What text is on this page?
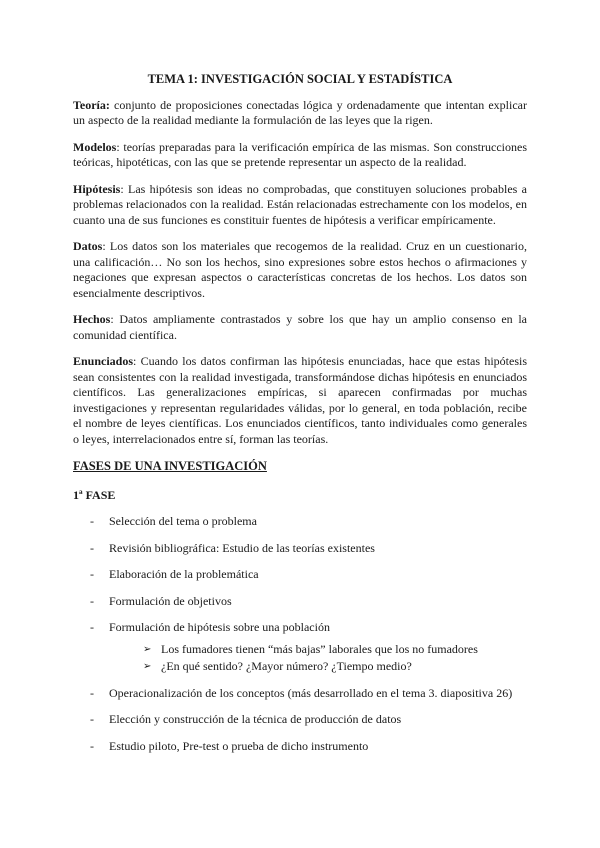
TEMA 1: INVESTIGACIÓN SOCIAL Y ESTADÍSTICA

Teoría: conjunto de proposiciones conectadas lógica y ordenadamente que intentan explicar un aspecto de la realidad mediante la formulación de las leyes que la rigen.

Modelos: teorías preparadas para la verificación empírica de las mismas. Son construcciones teóricas, hipotéticas, con las que se pretende representar un aspecto de la realidad.

Hipótesis: Las hipótesis son ideas no comprobadas, que constituyen soluciones probables a problemas relacionados con la realidad. Están relacionadas estrechamente con los modelos, en cuanto una de sus funciones es constituir fuentes de hipótesis a verificar empíricamente.

Datos: Los datos son los materiales que recogemos de la realidad. Cruz en un cuestionario, una calificación… No son los hechos, sino expresiones sobre estos hechos o afirmaciones y negaciones que expresan aspectos o características concretas de los hechos. Los datos son esencialmente descriptivos.

Hechos: Datos ampliamente contrastados y sobre los que hay un amplio consenso en la comunidad científica.

Enunciados: Cuando los datos confirman las hipótesis enunciadas, hace que estas hipótesis sean consistentes con la realidad investigada, transformándose dichas hipótesis en enunciados científicos. Las generalizaciones empíricas, si aparecen confirmadas por muchas investigaciones y representan regularidades válidas, por lo general, en toda población, recibe el nombre de leyes científicas. Los enunciados científicos, tanto individuales como generales o leyes, interrelacionados entre sí, forman las teorías.

FASES DE UNA INVESTIGACIÓN
1ª FASE
- Selección del tema o problema
- Revisión bibliográfica: Estudio de las teorías existentes
- Elaboración de la problemática
- Formulación de objetivos
- Formulación de hipótesis sobre una población
➢ Los fumadores tienen “más bajas” laborales que los no fumadores
➢ ¿En qué sentido? ¿Mayor número? ¿Tiempo medio?
- Operacionalización de los conceptos (más desarrollado en el tema 3. diapositiva 26)
- Elección y construcción de la técnica de producción de datos
- Estudio piloto, Pre-test o prueba de dicho instrumento
